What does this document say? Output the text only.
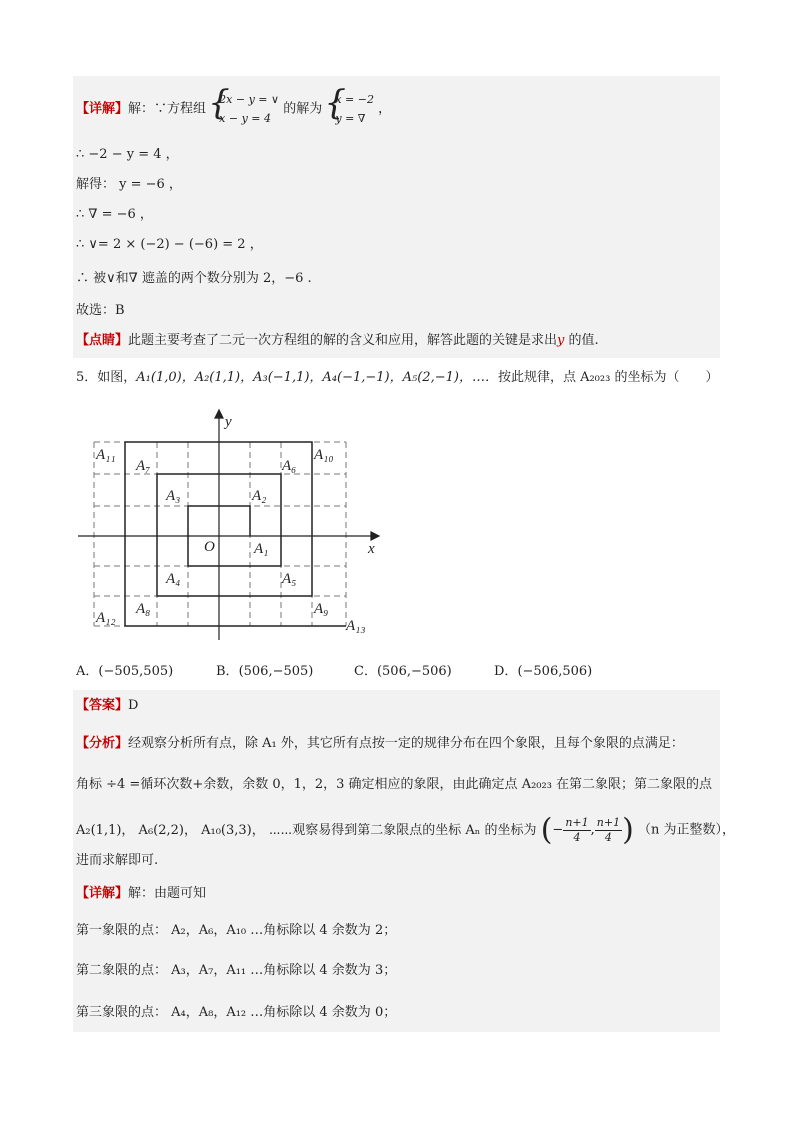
【详解】解：∵方程组
{ 2x − y = ∨
x − y = 4
的解为
{ x = −2
y = ∇
，
∴ −2 − y = 4 ，
解得： y = −6 ，
∴ ∇ = −6 ，
∴ ∨= 2 × (−2) − (−6) = 2 ，
∴ 被∨和∇ 遮盖的两个数分别为 2，−6 .
故选：B
【点睛】此题主要考查了二元一次方程组的解的含义和应用，解答此题的关键是求出y 的值.
5．如图，A₁(1,0)，A₂(1,1)，A₃(−1,1)，A₄(−1,−1)，A₅(2,−1)，…．按此规律，点 A₂₀₂₃ 的坐标为（　　）
x
y
O	A₁
A₂
A₃
A₄	A₅
A₆
A₇
A₈	A₉
A₁₀
A₁₁
A₁₂	A₁₃
A．(−505,505)	B．(506,−505)	C．(506,−506)	D．(−506,506)
【答案】D
【分析】经观察分析所有点，除 A₁ 外，其它所有点按一定的规律分布在四个象限，且每个象限的点满足：
角标 ÷4 =循环次数+余数，余数 0，1，2，3 确定相应的象限，由此确定点 A₂₀₂₃ 在第二象限；第二象限的点
A₂(1,1)， A₆(2,2)， A₁₀(3,3)， ⋯⋯观察易得到第二象限点的坐标 Aₙ 的坐标为 (− $\frac{n+1}{4}$ , $\frac{n+1}{4}$ ) （n 为正整数），
进而求解即可.
【详解】解：由题可知
第一象限的点： A₂，A₆，A₁₀ …角标除以 4 余数为 2；
第二象限的点： A₃，A₇，A₁₁ …角标除以 4 余数为 3；
第三象限的点： A₄，A₈，A₁₂ …角标除以 4 余数为 0；
